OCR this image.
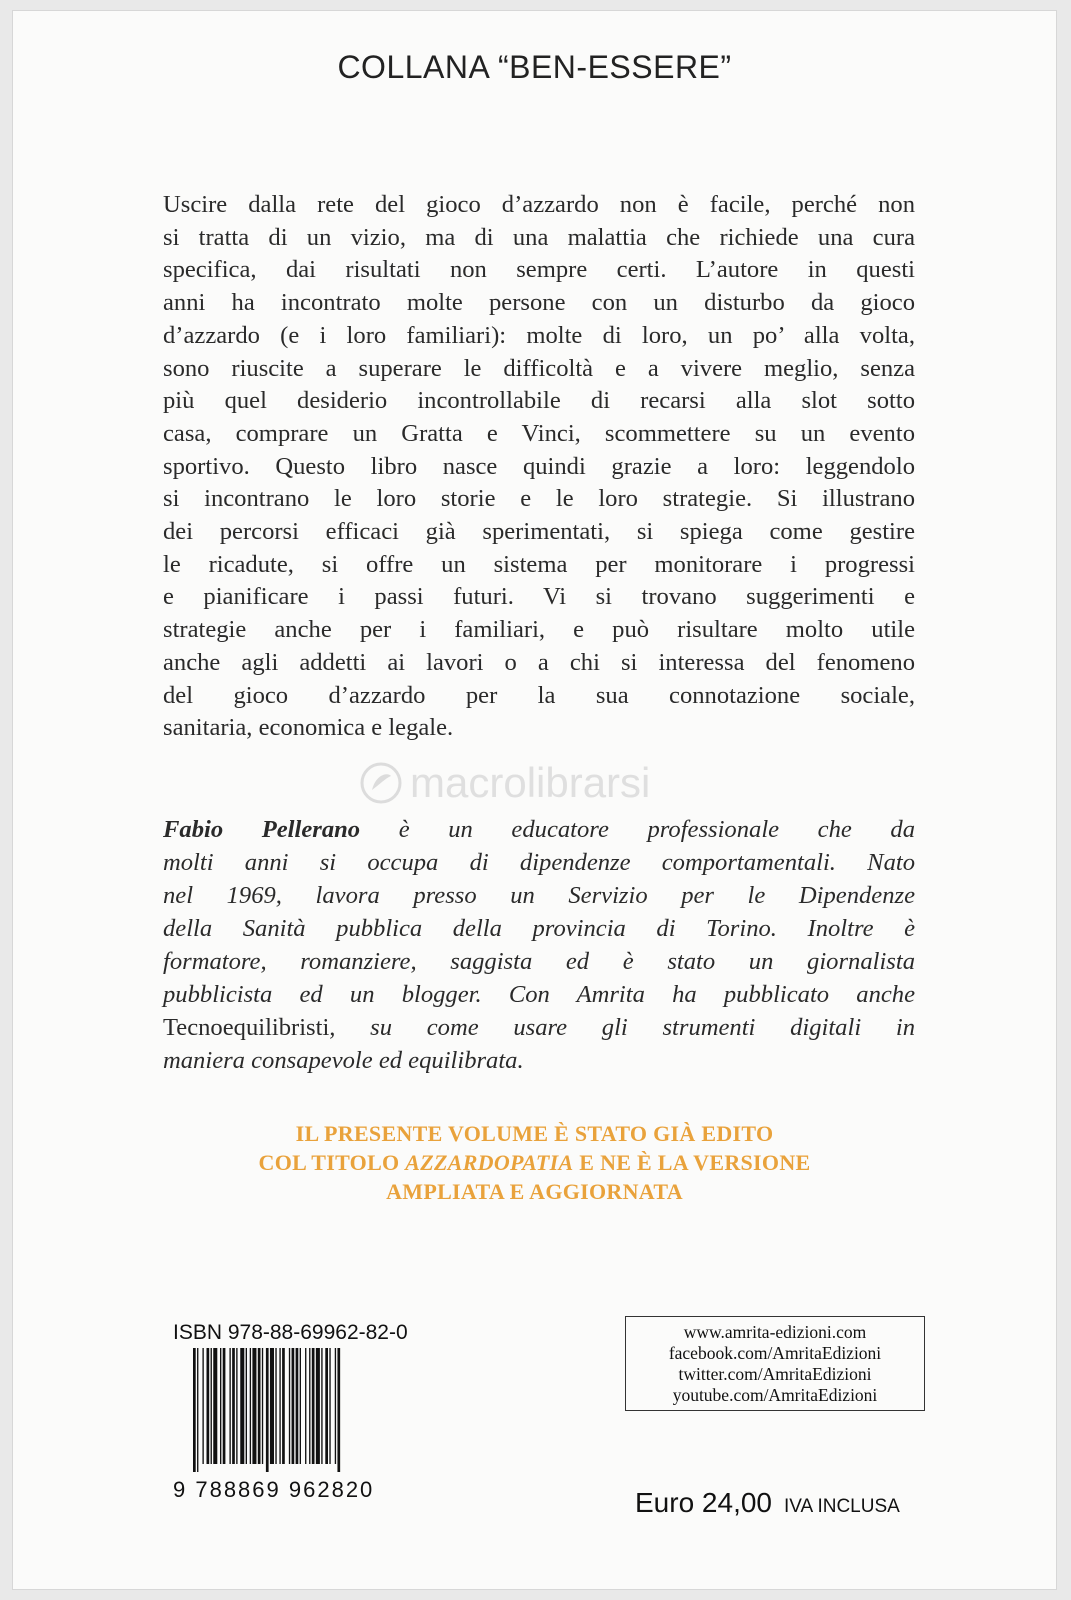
COLLANA “BEN-ESSERE”
Uscire dalla rete del gioco d’azzardo non è facile, perché non
si tratta di un vizio, ma di una malattia che richiede una cura
specifica, dai risultati non sempre certi. L’autore in questi
anni ha incontrato molte persone con un disturbo da gioco
d’azzardo (e i loro familiari): molte di loro, un po’ alla volta,
sono riuscite a superare le difficoltà e a vivere meglio, senza
più quel desiderio incontrollabile di recarsi alla slot sotto
casa, comprare un Gratta e Vinci, scommettere su un evento
sportivo. Questo libro nasce quindi grazie a loro: leggendolo
si incontrano le loro storie e le loro strategie. Si illustrano
dei percorsi efficaci già sperimentati, si spiega come gestire
le ricadute, si offre un sistema per monitorare i progressi
e pianificare i passi futuri. Vi si trovano suggerimenti e
strategie anche per i familiari, e può risultare molto utile
anche agli addetti ai lavori o a chi si interessa del fenomeno
del gioco d’azzardo per la sua connotazione sociale,
sanitaria, economica e legale.
macrolibrarsi
Fabio Pellerano è un educatore professionale che da
molti anni si occupa di dipendenze comportamentali. Nato
nel 1969, lavora presso un Servizio per le Dipendenze
della Sanità pubblica della provincia di Torino. Inoltre è
formatore, romanziere, saggista ed è stato un giornalista
pubblicista ed un blogger. Con Amrita ha pubblicato anche
Tecnoequilibristi, su come usare gli strumenti digitali in
maniera consapevole ed equilibrata.
IL PRESENTE VOLUME È STATO GIÀ EDITO
COL TITOLO AZZARDOPATIA E NE È LA VERSIONE
AMPLIATA E AGGIORNATA
ISBN 978-88-69962-82-0
9 788869 962820
www.amrita-edizioni.com
facebook.com/AmritaEdizioni
twitter.com/AmritaEdizioni
youtube.com/AmritaEdizioni
Euro 24,00 IVA INCLUSA
